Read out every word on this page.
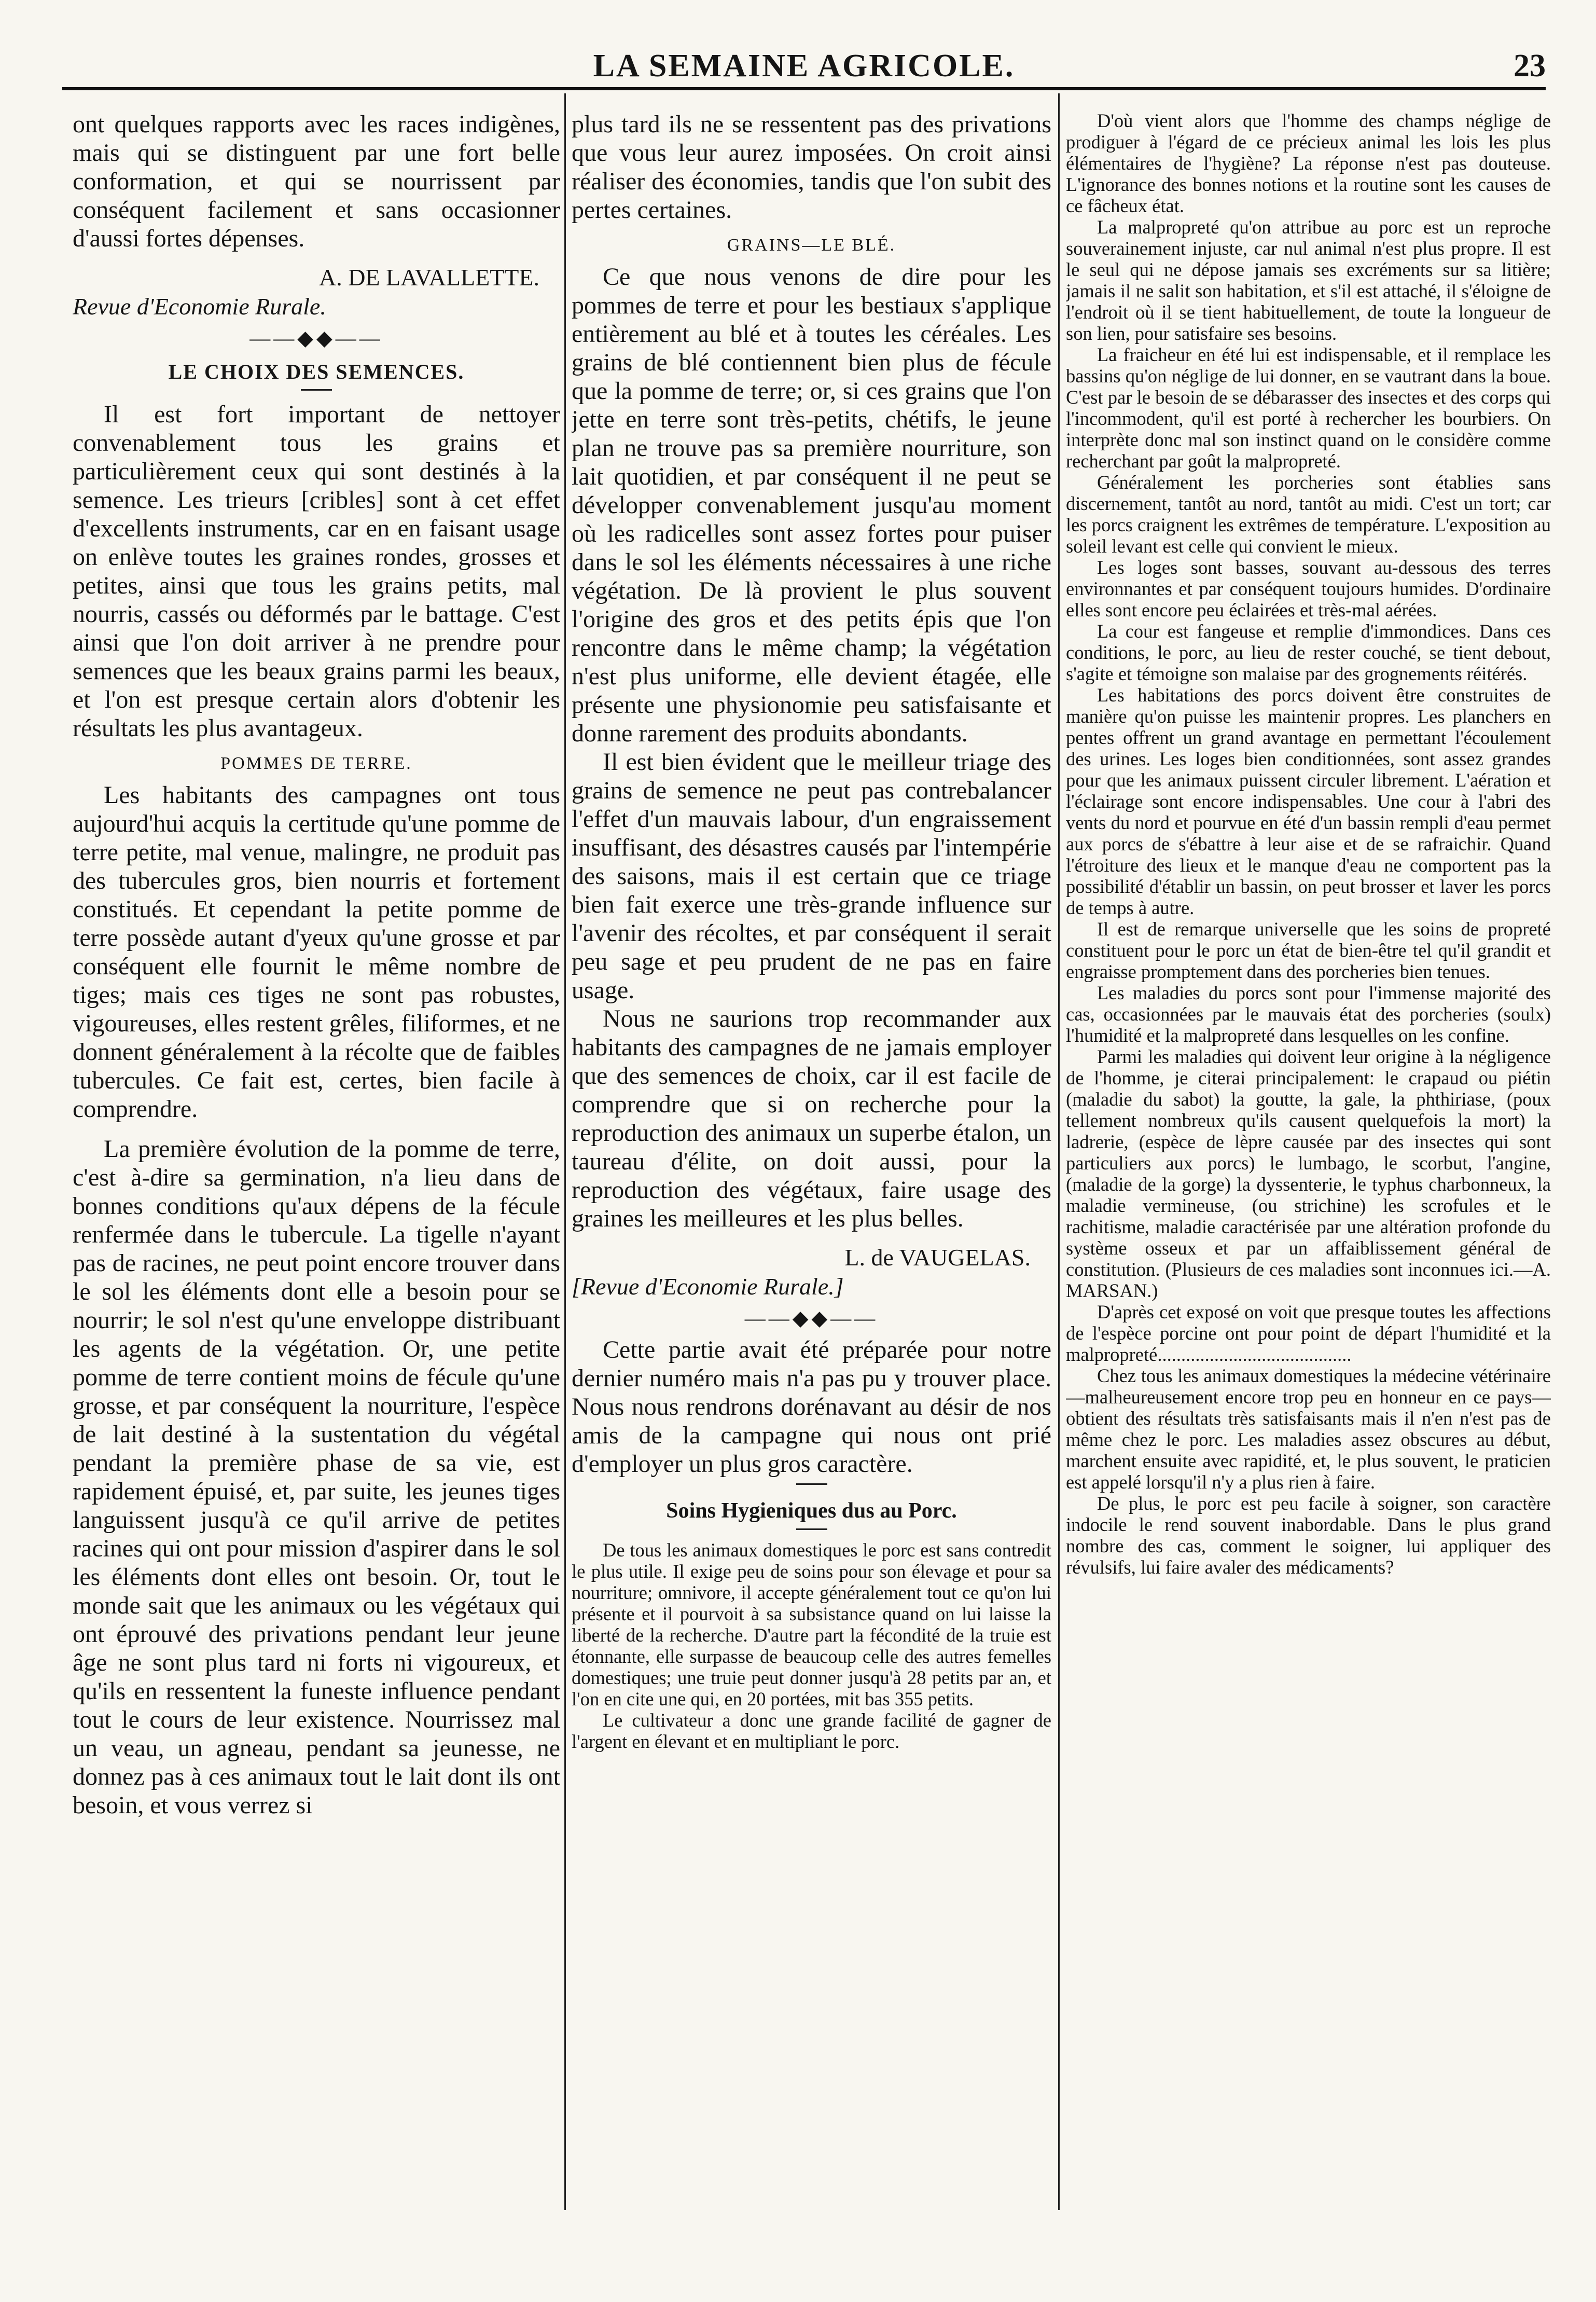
LA SEMAINE AGRICOLE.	23

ont quelques rapports avec les races indigènes, mais qui se distinguent par une fort belle conformation, et qui se nourrissent par conséquent facilement et sans occasionner d'aussi fortes dépenses.

A. DE LAVALLETTE.
Revue d'Economie Rurale.
——◆◆——
LE CHOIX DES SEMENCES.

Il est fort important de nettoyer convenablement tous les grains et particulièrement ceux qui sont destinés à la semence. Les trieurs [cribles] sont à cet effet d'excellents instruments, car en en faisant usage on enlève toutes les graines rondes, grosses et petites, ainsi que tous les grains petits, mal nourris, cassés ou déformés par le battage. C'est ainsi que l'on doit arriver à ne prendre pour semences que les beaux grains parmi les beaux, et l'on est presque certain alors d'obtenir les résultats les plus avantageux.

POMMES DE TERRE.

Les habitants des campagnes ont tous aujourd'hui acquis la certitude qu'une pomme de terre petite, mal venue, malingre, ne produit pas des tubercules gros, bien nourris et fortement constitués. Et cependant la petite pomme de terre possède autant d'yeux qu'une grosse et par conséquent elle fournit le même nombre de tiges; mais ces tiges ne sont pas robustes, vigoureuses, elles restent grêles, filiformes, et ne donnent généralement à la récolte que de faibles tubercules. Ce fait est, certes, bien facile à comprendre.

La première évolution de la pomme de terre, c'est à-dire sa germination, n'a lieu dans de bonnes conditions qu'aux dépens de la fécule renfermée dans le tubercule. La tigelle n'ayant pas de racines, ne peut point encore trouver dans le sol les éléments dont elle a besoin pour se nourrir; le sol n'est qu'une enveloppe distribuant les agents de la végétation. Or, une petite pomme de terre contient moins de fécule qu'une grosse, et par conséquent la nourriture, l'espèce de lait destiné à la sustentation du végétal pendant la première phase de sa vie, est rapidement épuisé, et, par suite, les jeunes tiges languissent jusqu'à ce qu'il arrive de petites racines qui ont pour mission d'aspirer dans le sol les éléments dont elles ont besoin. Or, tout le monde sait que les animaux ou les végétaux qui ont éprouvé des privations pendant leur jeune âge ne sont plus tard ni forts ni vigoureux, et qu'ils en ressentent la funeste influence pendant tout le cours de leur existence. Nourrissez mal un veau, un agneau, pendant sa jeunesse, ne donnez pas à ces animaux tout le lait dont ils ont besoin, et vous verrez si

plus tard ils ne se ressentent pas des privations que vous leur aurez imposées. On croit ainsi réaliser des économies, tandis que l'on subit des pertes certaines.

GRAINS—LE BLÉ.

Ce que nous venons de dire pour les pommes de terre et pour les bestiaux s'applique entièrement au blé et à toutes les céréales. Les grains de blé contiennent bien plus de fécule que la pomme de terre; or, si ces grains que l'on jette en terre sont très-petits, chétifs, le jeune plan ne trouve pas sa première nourriture, son lait quotidien, et par conséquent il ne peut se développer convenablement jusqu'au moment où les radicelles sont assez fortes pour puiser dans le sol les éléments nécessaires à une riche végétation. De là provient le plus souvent l'origine des gros et des petits épis que l'on rencontre dans le même champ; la végétation n'est plus uniforme, elle devient étagée, elle présente une physionomie peu satisfaisante et donne rarement des produits abondants.

Il est bien évident que le meilleur triage des grains de semence ne peut pas contrebalancer l'effet d'un mauvais labour, d'un engraissement insuffisant, des désastres causés par l'intempérie des saisons, mais il est certain que ce triage bien fait exerce une très-grande influence sur l'avenir des récoltes, et par conséquent il serait peu sage et peu prudent de ne pas en faire usage.

Nous ne saurions trop recommander aux habitants des campagnes de ne jamais employer que des semences de choix, car il est facile de comprendre que si on recherche pour la reproduction des animaux un superbe étalon, un taureau d'élite, on doit aussi, pour la reproduction des végétaux, faire usage des graines les meilleures et les plus belles.

L. de VAUGELAS.
[Revue d'Economie Rurale.]
——◆◆——

Cette partie avait été préparée pour notre dernier numéro mais n'a pas pu y trouver place. Nous nous rendrons dorénavant au désir de nos amis de la campagne qui nous ont prié d'employer un plus gros caractère.

Soins Hygieniques dus au Porc.

De tous les animaux domestiques le porc est sans contredit le plus utile. Il exige peu de soins pour son élevage et pour sa nourriture; omnivore, il accepte généralement tout ce qu'on lui présente et il pourvoit à sa subsistance quand on lui laisse la liberté de la recherche. D'autre part la fécondité de la truie est étonnante, elle surpasse de beaucoup celle des autres femelles domestiques; une truie peut donner jusqu'à 28 petits par an, et l'on en cite une qui, en 20 portées, mit bas 355 petits.

Le cultivateur a donc une grande facilité de gagner de l'argent en élevant et en multipliant le porc.

D'où vient alors que l'homme des champs néglige de prodiguer à l'égard de ce précieux animal les lois les plus élémentaires de l'hygiène? La réponse n'est pas douteuse. L'ignorance des bonnes notions et la routine sont les causes de ce fâcheux état.

La malpropreté qu'on attribue au porc est un reproche souverainement injuste, car nul animal n'est plus propre. Il est le seul qui ne dépose jamais ses excréments sur sa litière; jamais il ne salit son habitation, et s'il est attaché, il s'éloigne de l'endroit où il se tient habituellement, de toute la longueur de son lien, pour satisfaire ses besoins.

La fraicheur en été lui est indispensable, et il remplace les bassins qu'on néglige de lui donner, en se vautrant dans la boue. C'est par le besoin de se débarasser des insectes et des corps qui l'incommodent, qu'il est porté à rechercher les bourbiers. On interprète donc mal son instinct quand on le considère comme recherchant par goût la malpropreté.

Généralement les porcheries sont établies sans discernement, tantôt au nord, tantôt au midi. C'est un tort; car les porcs craignent les extrêmes de température. L'exposition au soleil levant est celle qui convient le mieux.

Les loges sont basses, souvant au-dessous des terres environnantes et par conséquent toujours humides. D'ordinaire elles sont encore peu éclairées et très-mal aérées.

La cour est fangeuse et remplie d'immondices. Dans ces conditions, le porc, au lieu de rester couché, se tient debout, s'agite et témoigne son malaise par des grognements réitérés.

Les habitations des porcs doivent être construites de manière qu'on puisse les maintenir propres. Les planchers en pentes offrent un grand avantage en permettant l'écoulement des urines. Les loges bien conditionnées, sont assez grandes pour que les animaux puissent circuler librement. L'aération et l'éclairage sont encore indispensables. Une cour à l'abri des vents du nord et pourvue en été d'un bassin rempli d'eau permet aux porcs de s'ébattre à leur aise et de se rafraichir. Quand l'étroiture des lieux et le manque d'eau ne comportent pas la possibilité d'établir un bassin, on peut brosser et laver les porcs de temps à autre.

Il est de remarque universelle que les soins de propreté constituent pour le porc un état de bien-être tel qu'il grandit et engraisse promptement dans des porcheries bien tenues.

Les maladies du porcs sont pour l'immense majorité des cas, occasionnées par le mauvais état des porcheries (soulx) l'humidité et la malpropreté dans lesquelles on les confine.

Parmi les maladies qui doivent leur origine à la négligence de l'homme, je citerai principalement: le crapaud ou piétin (maladie du sabot) la goutte, la gale, la phthiriase, (poux tellement nombreux qu'ils causent quelquefois la mort) la ladrerie, (espèce de lèpre causée par des insectes qui sont particuliers aux porcs) le lumbago, le scorbut, l'angine, (maladie de la gorge) la dyssenterie, le typhus charbonneux, la maladie vermineuse, (ou strichine) les scrofules et le rachitisme, maladie caractérisée par une altération profonde du système osseux et par un affaiblissement général de constitution. (Plusieurs de ces maladies sont inconnues ici.—A. MARSAN.)

D'après cet exposé on voit que presque toutes les affections de l'espèce porcine ont pour point de départ l'humidité et la malpropreté.........................................

Chez tous les animaux domestiques la médecine vétérinaire—malheureusement encore trop peu en honneur en ce pays—obtient des résultats très satisfaisants mais il n'en n'est pas de même chez le porc. Les maladies assez obscures au début, marchent ensuite avec rapidité, et, le plus souvent, le praticien est appelé lorsqu'il n'y a plus rien à faire.

De plus, le porc est peu facile à soigner, son caractère indocile le rend souvent inabordable. Dans le plus grand nombre des cas, comment le soigner, lui appliquer des révulsifs, lui faire avaler des médicaments?
